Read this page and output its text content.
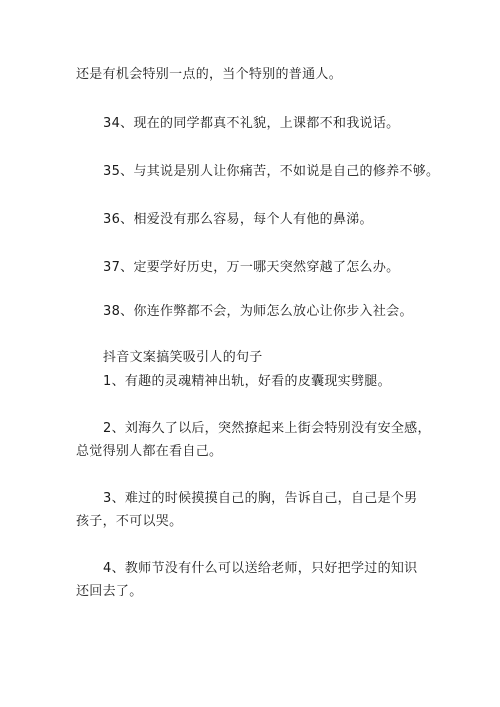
还是有机会特别一点的，当个特别的普通人。
34、现在的同学都真不礼貌，上课都不和我说话。
35、与其说是别人让你痛苦，不如说是自己的修养不够。
36、相爱没有那么容易，每个人有他的鼻涕。
37、定要学好历史，万一哪天突然穿越了怎么办。
38、你连作弊都不会，为师怎么放心让你步入社会。
抖音文案搞笑吸引人的句子
1、有趣的灵魂精神出轨，好看的皮囊现实劈腿。
2、刘海久了以后，突然撩起来上街会特别没有安全感，
总觉得别人都在看自己。
3、难过的时候摸摸自己的胸，告诉自己，自己是个男
孩子，不可以哭。
4、教师节没有什么可以送给老师，只好把学过的知识
还回去了。
